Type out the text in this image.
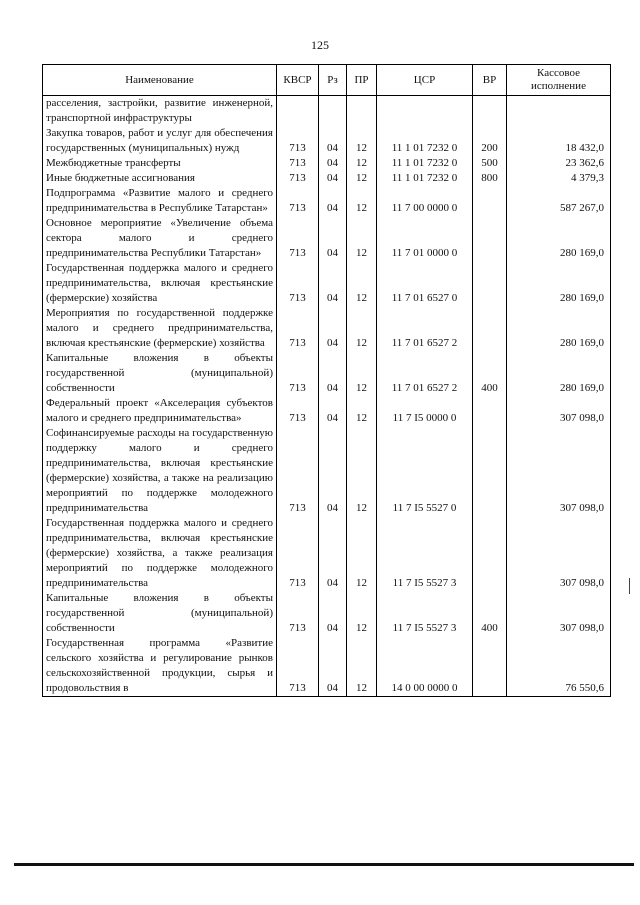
125
Наименование	КВСР	Рз	ПР	ЦСР	ВР	Кассовое исполнение
расселения, застройки, развитие инженерной, транспортной инфраструктуры						
Закупка товаров, работ и услуг для обеспечения государственных (муниципальных) нужд	713	04	12	11 1 01 7232 0	200	18 432,0
Межбюджетные трансферты	713	04	12	11 1 01 7232 0	500	23 362,6
Иные бюджетные ассигнования	713	04	12	11 1 01 7232 0	800	4 379,3
Подпрограмма «Развитие малого и среднего предпринимательства в Республике Татарстан»	713	04	12	11 7 00 0000 0		587 267,0
Основное мероприятие «Увеличение объема сектора малого и среднего предпринимательства Республики Татарстан»	713	04	12	11 7 01 0000 0		280 169,0
Государственная поддержка малого и среднего предпринимательства, включая крестьянские (фермерские) хозяйства	713	04	12	11 7 01 6527 0		280 169,0
Мероприятия по государственной поддержке малого и среднего предпринимательства, включая крестьянские (фермерские) хозяйства	713	04	12	11 7 01 6527 2		280 169,0
Капитальные вложения в объекты государственной (муниципальной) собственности	713	04	12	11 7 01 6527 2	400	280 169,0
Федеральный проект «Акселерация субъектов малого и среднего предпринимательства»	713	04	12	11 7 I5 0000 0		307 098,0
Софинансируемые расходы на государственную поддержку малого и среднего предпринимательства, включая крестьянские (фермерские) хозяйства, а также на реализацию мероприятий по поддержке молодежного предпринимательства	713	04	12	11 7 I5 5527 0		307 098,0
Государственная поддержка малого и среднего предпринимательства, включая крестьянские (фермерские) хозяйства, а также реализация мероприятий по поддержке молодежного предпринимательства	713	04	12	11 7 I5 5527 3		307 098,0
Капитальные вложения в объекты государственной (муниципальной) собственности	713	04	12	11 7 I5 5527 3	400	307 098,0
Государственная программа «Развитие сельского хозяйства и регулирование рынков сельскохозяйственной продукции, сырья и продовольствия в	713	04	12	14 0 00 0000 0		76 550,6
